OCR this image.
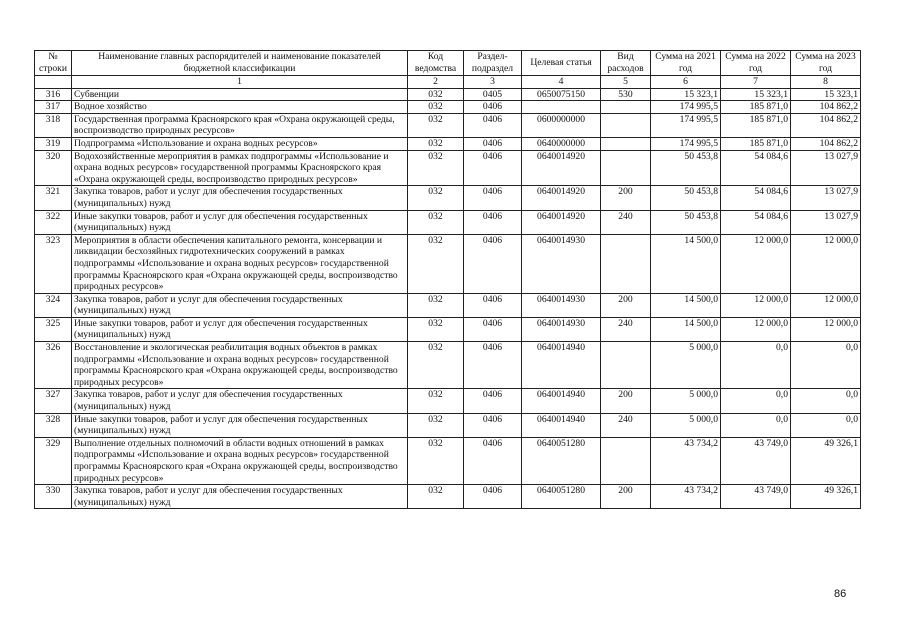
№ строки	Наименование главных распорядителей и наименование показателей бюджетной классификации	Код ведомства	Раздел-подраздел	Целевая статья	Вид расходов	Сумма на 2021 год	Сумма на 2022 год	Сумма на 2023 год
	1	2	3	4	5	6	7	8
316	Субвенции	032	0405	0650075150	530	15 323,1	15 323,1	15 323,1
317	Водное хозяйство	032	0406			174 995,5	185 871,0	104 862,2
318	Государственная программа Красноярского края «Охрана окружающей среды, воспроизводство природных ресурсов»	032	0406	0600000000		174 995,5	185 871,0	104 862,2
319	Подпрограмма «Использование и охрана водных ресурсов»	032	0406	0640000000		174 995,5	185 871,0	104 862,2
320	Водохозяйственные мероприятия в рамках подпрограммы «Использование и охрана водных ресурсов» государственной программы Красноярского края «Охрана окружающей среды, воспроизводство природных ресурсов»	032	0406	0640014920		50 453,8	54 084,6	13 027,9
321	Закупка товаров, работ и услуг для обеспечения государственных (муниципальных) нужд	032	0406	0640014920	200	50 453,8	54 084,6	13 027,9
322	Иные закупки товаров, работ и услуг для обеспечения государственных (муниципальных) нужд	032	0406	0640014920	240	50 453,8	54 084,6	13 027,9
323	Мероприятия в области обеспечения капитального ремонта, консервации и ликвидации бесхозяйных гидротехнических сооружений в рамках подпрограммы «Использование и охрана водных ресурсов» государственной программы Красноярского края «Охрана окружающей среды, воспроизводство природных ресурсов»	032	0406	0640014930		14 500,0	12 000,0	12 000,0
324	Закупка товаров, работ и услуг для обеспечения государственных (муниципальных) нужд	032	0406	0640014930	200	14 500,0	12 000,0	12 000,0
325	Иные закупки товаров, работ и услуг для обеспечения государственных (муниципальных) нужд	032	0406	0640014930	240	14 500,0	12 000,0	12 000,0
326	Восстановление и экологическая реабилитация водных объектов в рамках подпрограммы «Использование и охрана водных ресурсов» государственной программы Красноярского края «Охрана окружающей среды, воспроизводство природных ресурсов»	032	0406	0640014940		5 000,0	0,0	0,0
327	Закупка товаров, работ и услуг для обеспечения государственных (муниципальных) нужд	032	0406	0640014940	200	5 000,0	0,0	0,0
328	Иные закупки товаров, работ и услуг для обеспечения государственных (муниципальных) нужд	032	0406	0640014940	240	5 000,0	0,0	0,0
329	Выполнение отдельных полномочий в области водных отношений в рамках подпрограммы «Использование и охрана водных ресурсов» государственной программы Красноярского края «Охрана окружающей среды, воспроизводство природных ресурсов»	032	0406	0640051280		43 734,2	43 749,0	49 326,1
330	Закупка товаров, работ и услуг для обеспечения государственных (муниципальных) нужд	032	0406	0640051280	200	43 734,2	43 749,0	49 326,1
86
